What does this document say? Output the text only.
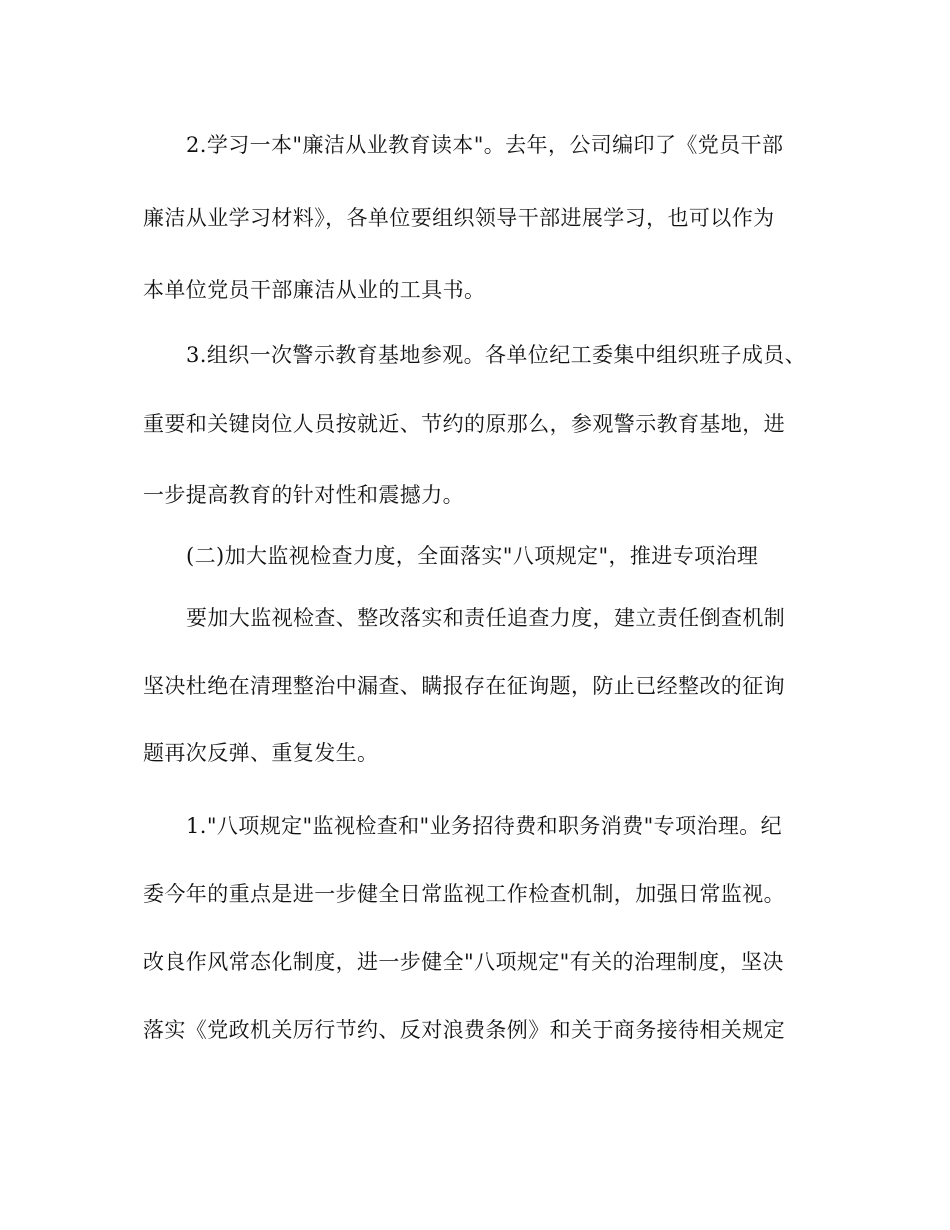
2.学习一本"廉洁从业教育读本"。去年，公司编印了《党员干部
廉洁从业学习材料》，各单位要组织领导干部进展学习，也可以作为
本单位党员干部廉洁从业的工具书。
3.组织一次警示教育基地参观。各单位纪工委集中组织班子成员、
重要和关键岗位人员按就近、节约的原那么，参观警示教育基地，进
一步提高教育的针对性和震撼力。
(二)加大监视检查力度，全面落实"八项规定"，推进专项治理
要加大监视检查、整改落实和责任追查力度，建立责任倒查机制
坚决杜绝在清理整治中漏查、瞒报存在征询题，防止已经整改的征询
题再次反弹、重复发生。
1."八项规定"监视检查和"业务招待费和职务消费"专项治理。纪
委今年的重点是进一步健全日常监视工作检查机制，加强日常监视。
改良作风常态化制度，进一步健全"八项规定"有关的治理制度，坚决
落实《党政机关厉行节约、反对浪费条例》和关于商务接待相关规定
